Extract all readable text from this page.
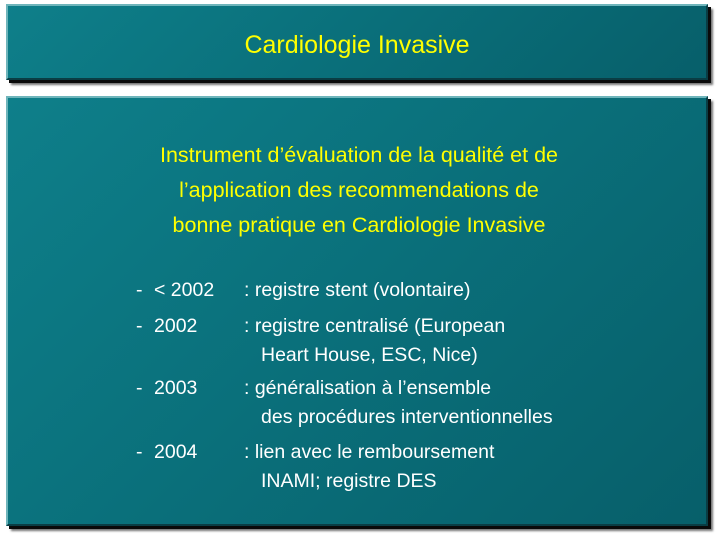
Cardiologie Invasive
Instrument d’évaluation de la qualité et de
l’application des recommendations de
bonne pratique en Cardiologie Invasive
- < 2002 : registre stent (volontaire)
- 2002 : registre centralisé (European
Heart House, ESC, Nice)
- 2003 : généralisation à l’ensemble
des procédures interventionnelles
- 2004 : lien avec le remboursement
INAMI; registre DES
